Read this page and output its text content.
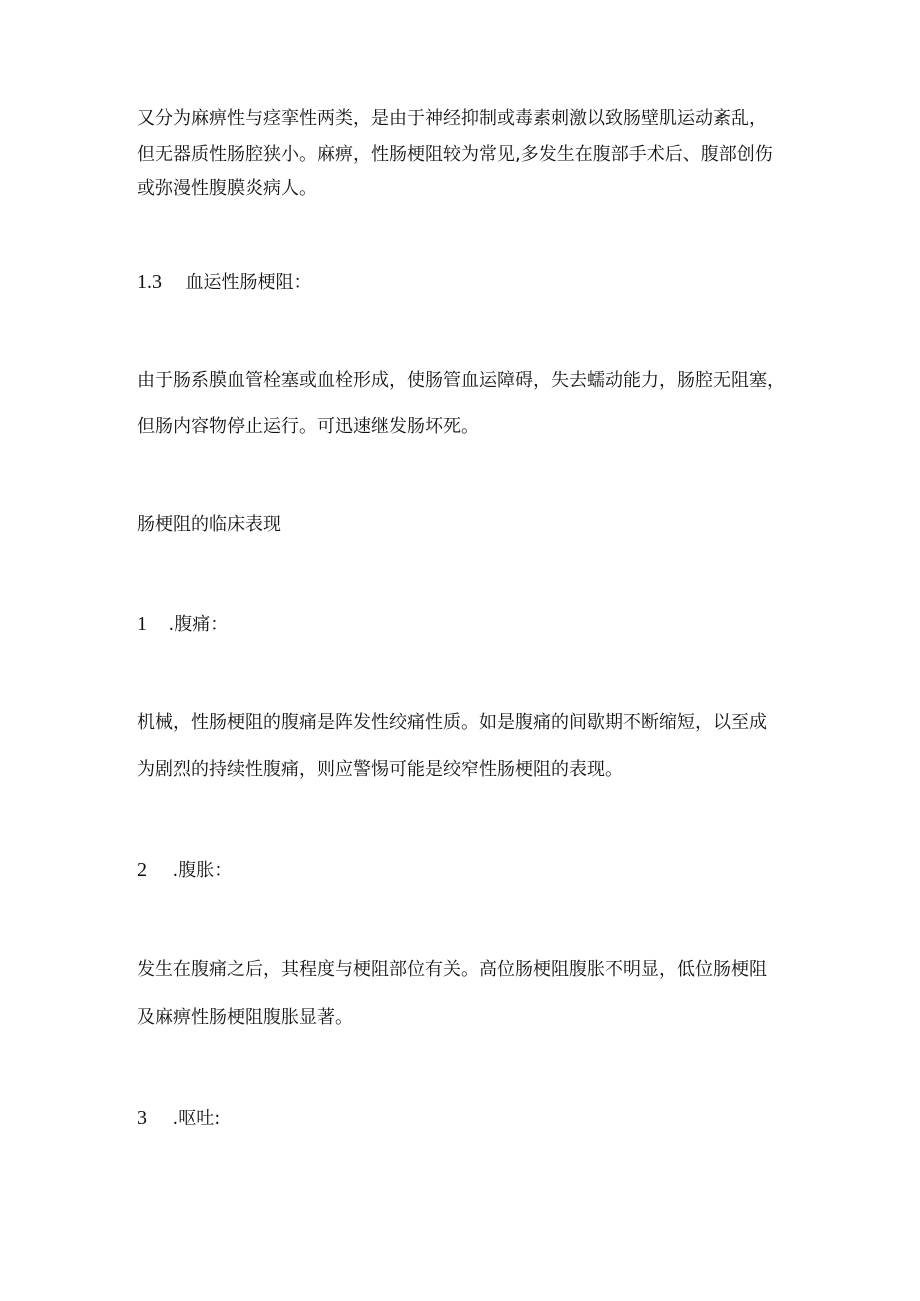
又分为麻痹性与痉挛性两类，是由于神经抑制或毒素刺激以致肠壁肌运动紊乱，
但无器质性肠腔狭小。麻痹，性肠梗阻较为常见,多发生在腹部手术后、腹部创伤
或弥漫性腹膜炎病人。
1.3 血运性肠梗阻：
由于肠系膜血管栓塞或血栓形成，使肠管血运障碍，失去蠕动能力，肠腔无阻塞，
但肠内容物停止运行。可迅速继发肠坏死。
肠梗阻的临床表现
1 .腹痛：
机械，性肠梗阻的腹痛是阵发性绞痛性质。如是腹痛的间歇期不断缩短，以至成
为剧烈的持续性腹痛，则应警惕可能是绞窄性肠梗阻的表现。
2 .腹胀：
发生在腹痛之后，其程度与梗阻部位有关。高位肠梗阻腹胀不明显，低位肠梗阻
及麻痹性肠梗阻腹胀显著。
3 .呕吐:
